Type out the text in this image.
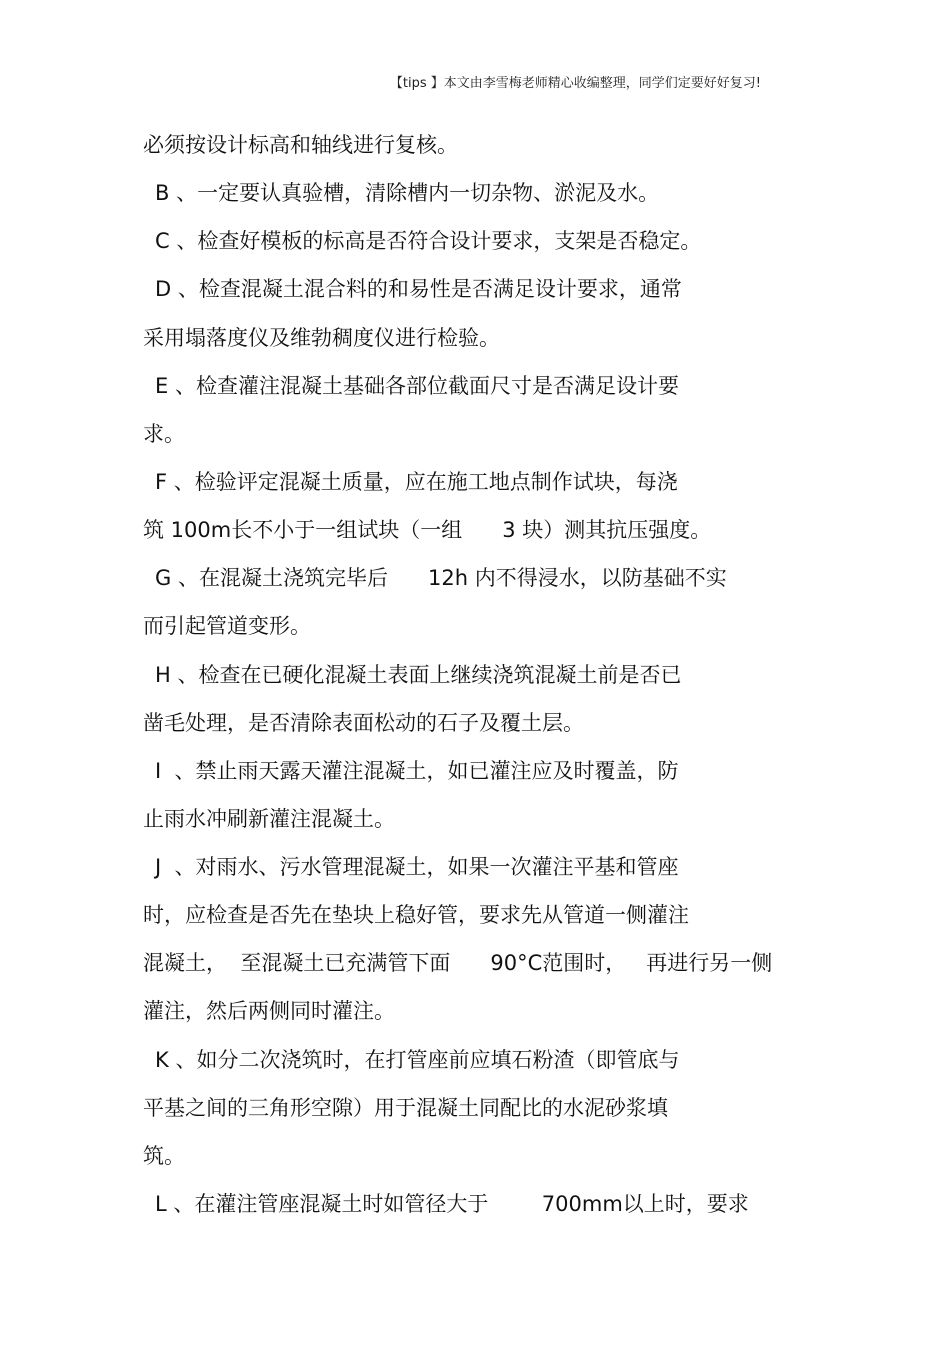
【tips 】本文由李雪梅老师精心收编整理，同学们定要好好复习!
必须按设计标高和轴线进行复核。
B 、一定要认真验槽，清除槽内一切杂物、淤泥及水。
C 、检查好模板的标高是否符合设计要求，支架是否稳定。
D 、检查混凝土混合料的和易性是否满足设计要求，通常
采用塌落度仪及维勃稠度仪进行检验。
E 、检查灌注混凝土基础各部位截面尺寸是否满足设计要
求。
F 、检验评定混凝土质量，应在施工地点制作试块，每浇
筑 100m长不小于一组试块（一组      3 块）测其抗压强度。
G 、在混凝土浇筑完毕后      12h 内不得浸水，以防基础不实
而引起管道变形。
H 、检查在已硬化混凝土表面上继续浇筑混凝土前是否已
凿毛处理，是否清除表面松动的石子及覆土层。
I  、禁止雨天露天灌注混凝土，如已灌注应及时覆盖，防
止雨水冲刷新灌注混凝土。
J  、对雨水、污水管理混凝土，如果一次灌注平基和管座
时，应检查是否先在垫块上稳好管，要求先从管道一侧灌注
混凝土，  至混凝土已充满管下面      90°C范围时，   再进行另一侧
灌注，然后两侧同时灌注。
K 、如分二次浇筑时，在打管座前应填石粉渣（即管底与
平基之间的三角形空隙）用于混凝土同配比的水泥砂浆填
筑。
L 、在灌注管座混凝土时如管径大于        700mm以上时，要求
